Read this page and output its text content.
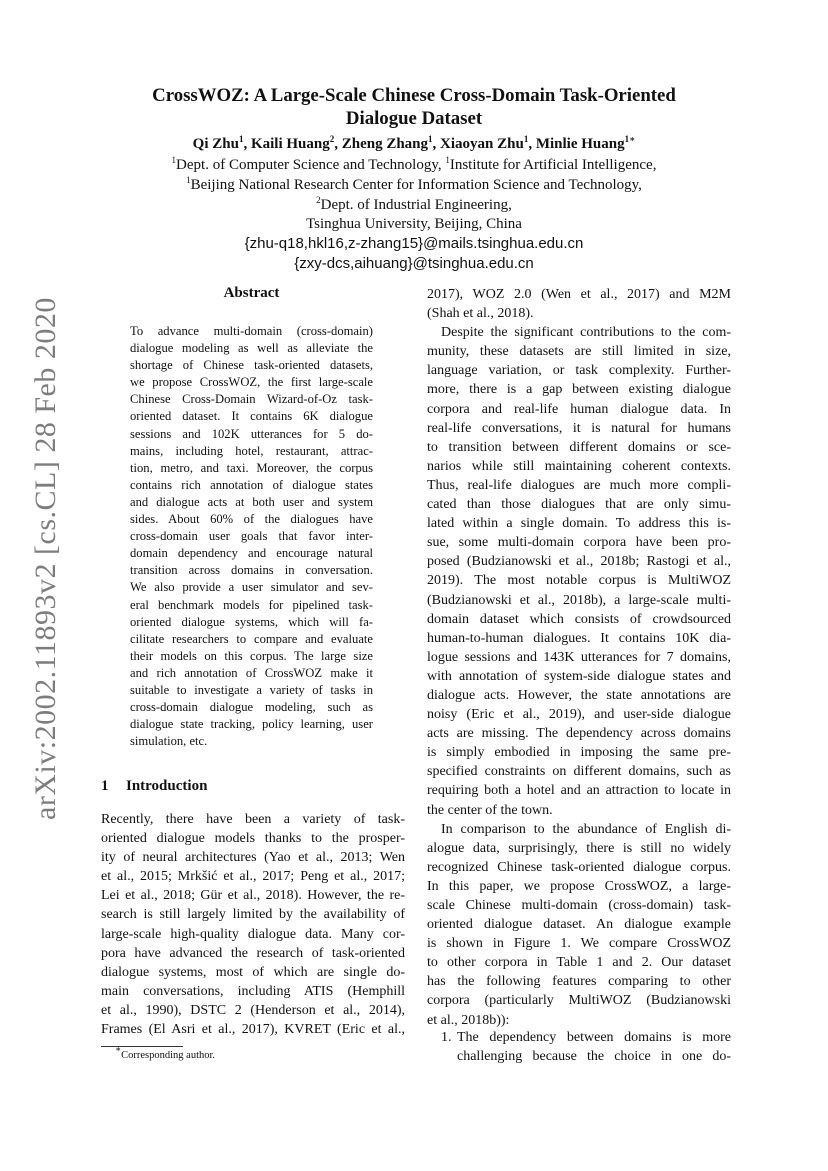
arXiv:2002.11893v2 [cs.CL] 28 Feb 2020
CrossWOZ: A Large-Scale Chinese Cross-Domain Task-Oriented
Dialogue Dataset
Qi Zhu$^1$, Kaili Huang$^2$, Zheng Zhang$^1$, Xiaoyan Zhu$^1$, Minlie Huang$^{1∗}$
$^1$Dept. of Computer Science and Technology, $^1$Institute for Artificial Intelligence,
$^1$Beijing National Research Center for Information Science and Technology,
$^2$Dept. of Industrial Engineering,
Tsinghua University, Beijing, China
{zhu-q18,hkl16,z-zhang15}@mails.tsinghua.edu.cn
{zxy-dcs,aihuang}@tsinghua.edu.cn
Abstract
To advance multi-domain (cross-domain)
dialogue modeling as well as alleviate the
shortage of Chinese task-oriented datasets,
we propose CrossWOZ, the first large-scale
Chinese Cross-Domain Wizard-of-Oz task-
oriented dataset. It contains 6K dialogue
sessions and 102K utterances for 5 do-
mains, including hotel, restaurant, attrac-
tion, metro, and taxi. Moreover, the corpus
contains rich annotation of dialogue states
and dialogue acts at both user and system
sides. About 60% of the dialogues have
cross-domain user goals that favor inter-
domain dependency and encourage natural
transition across domains in conversation.
We also provide a user simulator and sev-
eral benchmark models for pipelined task-
oriented dialogue systems, which will fa-
cilitate researchers to compare and evaluate
their models on this corpus. The large size
and rich annotation of CrossWOZ make it
suitable to investigate a variety of tasks in
cross-domain dialogue modeling, such as
dialogue state tracking, policy learning, user
simulation, etc.
1 Introduction
Recently, there have been a variety of task-
oriented dialogue models thanks to the prosper-
ity of neural architectures (Yao et al., 2013; Wen
et al., 2015; Mrkšić et al., 2017; Peng et al., 2017;
Lei et al., 2018; Gür et al., 2018). However, the re-
search is still largely limited by the availability of
large-scale high-quality dialogue data. Many cor-
pora have advanced the research of task-oriented
dialogue systems, most of which are single do-
main conversations, including ATIS (Hemphill
et al., 1990), DSTC 2 (Henderson et al., 2014),
Frames (El Asri et al., 2017), KVRET (Eric et al.,
∗Corresponding author.
2017), WOZ 2.0 (Wen et al., 2017) and M2M
(Shah et al., 2018).
Despite the significant contributions to the com-
munity, these datasets are still limited in size,
language variation, or task complexity. Further-
more, there is a gap between existing dialogue
corpora and real-life human dialogue data. In
real-life conversations, it is natural for humans
to transition between different domains or sce-
narios while still maintaining coherent contexts.
Thus, real-life dialogues are much more compli-
cated than those dialogues that are only simu-
lated within a single domain. To address this is-
sue, some multi-domain corpora have been pro-
posed (Budzianowski et al., 2018b; Rastogi et al.,
2019). The most notable corpus is MultiWOZ
(Budzianowski et al., 2018b), a large-scale multi-
domain dataset which consists of crowdsourced
human-to-human dialogues. It contains 10K dia-
logue sessions and 143K utterances for 7 domains,
with annotation of system-side dialogue states and
dialogue acts. However, the state annotations are
noisy (Eric et al., 2019), and user-side dialogue
acts are missing. The dependency across domains
is simply embodied in imposing the same pre-
specified constraints on different domains, such as
requiring both a hotel and an attraction to locate in
the center of the town.
In comparison to the abundance of English di-
alogue data, surprisingly, there is still no widely
recognized Chinese task-oriented dialogue corpus.
In this paper, we propose CrossWOZ, a large-
scale Chinese multi-domain (cross-domain) task-
oriented dialogue dataset. An dialogue example
is shown in Figure 1. We compare CrossWOZ
to other corpora in Table 1 and 2. Our dataset
has the following features comparing to other
corpora (particularly MultiWOZ (Budzianowski
et al., 2018b)):
1. The dependency between domains is more
challenging because the choice in one do-
